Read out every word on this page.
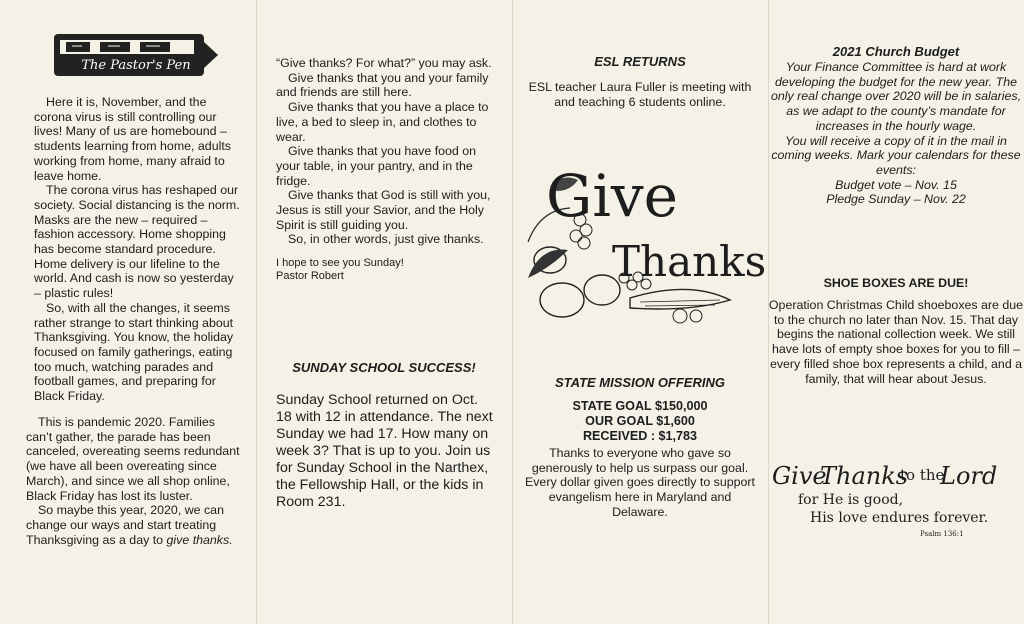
The Pastor's Pen

Here it is, November, and the corona virus is still controlling our lives! Many of us are homebound – students learning from home, adults working from home, many afraid to leave home.

The corona virus has reshaped our society. Social distancing is the norm. Masks are the new – required – fashion accessory. Home shopping has become standard procedure. Home delivery is our lifeline to the world. And cash is now so yesterday – plastic rules!

So, with all the changes, it seems rather strange to start thinking about Thanksgiving. You know, the holiday focused on family gatherings, eating too much, watching parades and football games, and preparing for Black Friday.

This is pandemic 2020. Families can’t gather, the parade has been canceled, overeating seems redundant (we have all been overeating since March), and since we all shop online, Black Friday has lost its luster.

So maybe this year, 2020, we can change our ways and start treating Thanksgiving as a day to give thanks.

“Give thanks? For what?” you may ask.

Give thanks that you and your family and friends are still here.

Give thanks that you have a place to live, a bed to sleep in, and clothes to wear.

Give thanks that you have food on your table, in your pantry, and in the fridge.

Give thanks that God is still with you, Jesus is still your Savior, and the Holy Spirit is still guiding you.

So, in other words, just give thanks.

I hope to see you Sunday!

Pastor Robert

SUNDAY SCHOOL SUCCESS!
Sunday School returned on Oct. 18 with 12 in attendance. The next Sunday we had 17. How many on week 3? That is up to you. Join us for Sunday School in the Narthex, the Fellowship Hall, or the kids in Room 231.
ESL RETURNS
ESL teacher Laura Fuller is meeting with and teaching 6 students online.
STATE MISSION OFFERING
STATE GOAL $150,000
OUR GOAL $1,600
RECEIVED : $1,783
Thanks to everyone who gave so generously to help us surpass our goal. Every dollar given goes directly to support evangelism here in Maryland and Delaware.
Give
Thanks
2021 Church Budget
Your Finance Committee is hard at work developing the budget for the new year. The only real change over 2020 will be in salaries, as we adapt to the county’s mandate for increases in the hourly wage.
You will receive a copy of it in the mail in coming weeks. Mark your calendars for these events:
Budget vote – Nov. 15
Pledge Sunday – Nov. 22
SHOE BOXES ARE DUE!
Operation Christmas Child shoeboxes are due to the church no later than Nov. 15. That day begins the national collection week. We still have lots of empty shoe boxes for you to fill – every filled shoe box represents a child, and a family, that will hear about Jesus.
Give
Thanks
to the
Lord
for He is good,
His love endures forever.
Psalm 136:1
